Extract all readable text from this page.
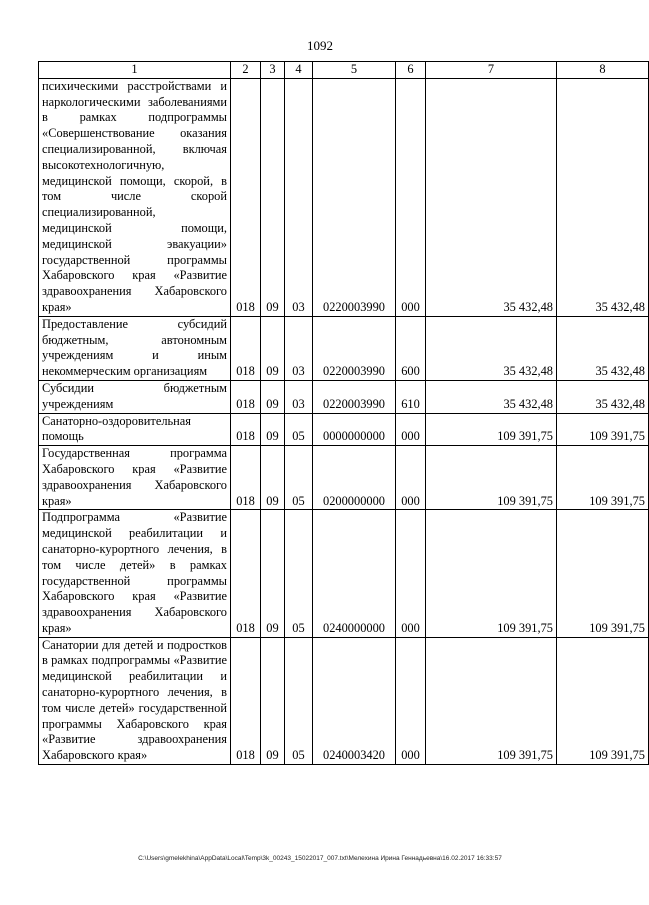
1092
1	2	3	4	5	6	7	8
психическими расстройствами и наркологическими заболеваниями в рамках подпрограммы «Совершенствование оказания специализированной, включая высокотехнологичную, медицинской помощи, скорой, в том числе скорой специализированной, медицинской помощи, медицинской эвакуации» государственной программы Хабаровского края «Развитие здравоохранения Хабаровского края»	018	09	03	0220003990	000	35 432,48	35 432,48
Предоставление субсидий бюджетным, автономным учреждениям и иным некоммерческим организациям	018	09	03	0220003990	600	35 432,48	35 432,48
Субсидии бюджетным учреждениям	018	09	03	0220003990	610	35 432,48	35 432,48
Санаторно-оздоровительная помощь	018	09	05	0000000000	000	109 391,75	109 391,75
Государственная программа Хабаровского края «Развитие здравоохранения Хабаровского края»	018	09	05	0200000000	000	109 391,75	109 391,75
Подпрограмма «Развитие медицинской реабилитации и санаторно-курортного лечения, в том числе детей» в рамках государственной программы Хабаровского края «Развитие здравоохранения Хабаровского края»	018	09	05	0240000000	000	109 391,75	109 391,75
Санатории для детей и подростков в рамках подпрограммы «Развитие медицинской реабилитации и санаторно-курортного лечения, в том числе детей» государственной программы Хабаровского края «Развитие здравоохранения Хабаровского края»	018	09	05	0240003420	000	109 391,75	109 391,75
C:\Users\gmelekhina\AppData\Local\Temp\3k_00243_15022017_007.txt\Мелехина Ирина Геннадьевна\16.02.2017 16:33:57
